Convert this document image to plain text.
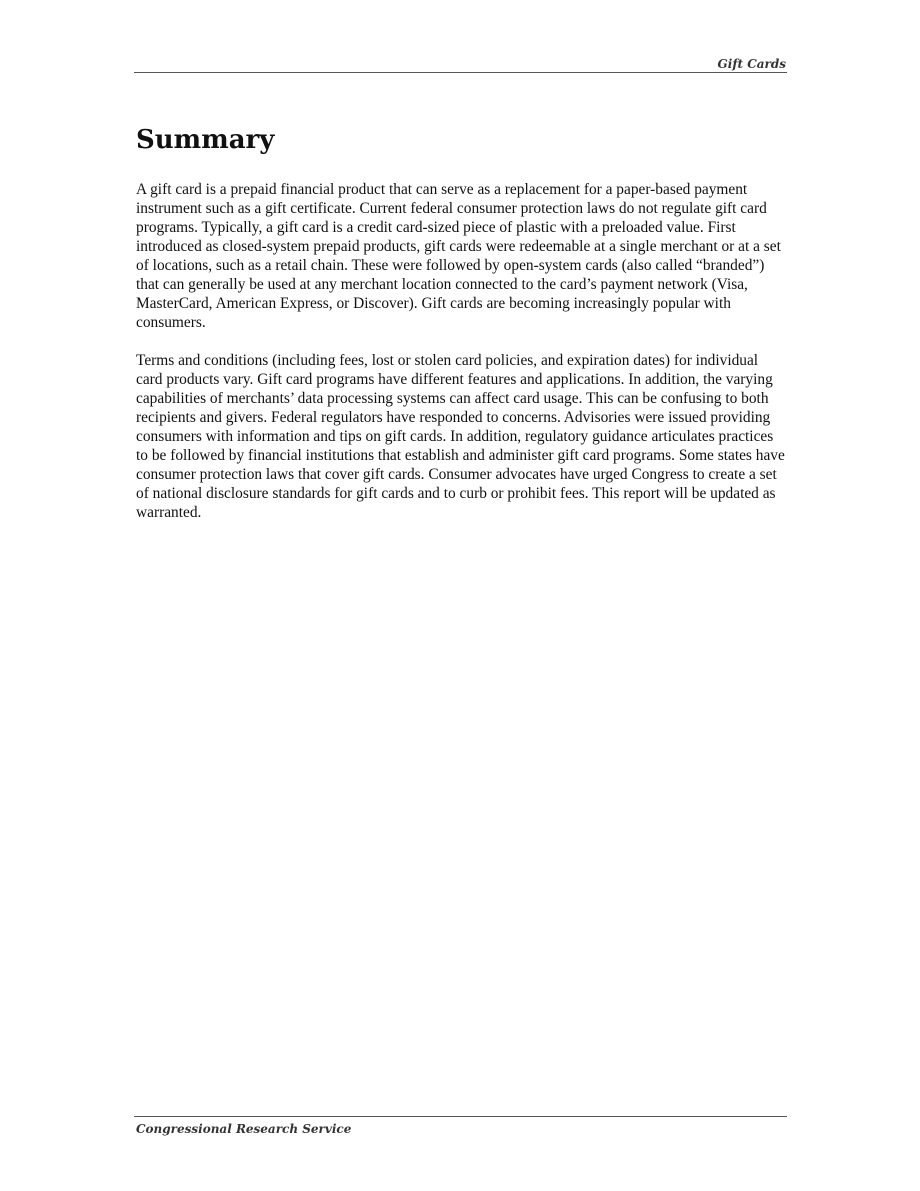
Gift Cards
Summary

A gift card is a prepaid financial product that can serve as a replacement for a paper-based payment instrument such as a gift certificate. Current federal consumer protection laws do not regulate gift card programs. Typically, a gift card is a credit card-sized piece of plastic with a preloaded value. First introduced as closed-system prepaid products, gift cards were redeemable at a single merchant or at a set of locations, such as a retail chain. These were followed by open-system cards (also called “branded”) that can generally be used at any merchant location connected to the card’s payment network (Visa, MasterCard, American Express, or Discover). Gift cards are becoming increasingly popular with consumers.

Terms and conditions (including fees, lost or stolen card policies, and expiration dates) for individual card products vary. Gift card programs have different features and applications. In addition, the varying capabilities of merchants’ data processing systems can affect card usage. This can be confusing to both recipients and givers. Federal regulators have responded to concerns. Advisories were issued providing consumers with information and tips on gift cards. In addition, regulatory guidance articulates practices to be followed by financial institutions that establish and administer gift card programs. Some states have consumer protection laws that cover gift cards. Consumer advocates have urged Congress to create a set of national disclosure standards for gift cards and to curb or prohibit fees. This report will be updated as warranted.

Congressional Research Service
